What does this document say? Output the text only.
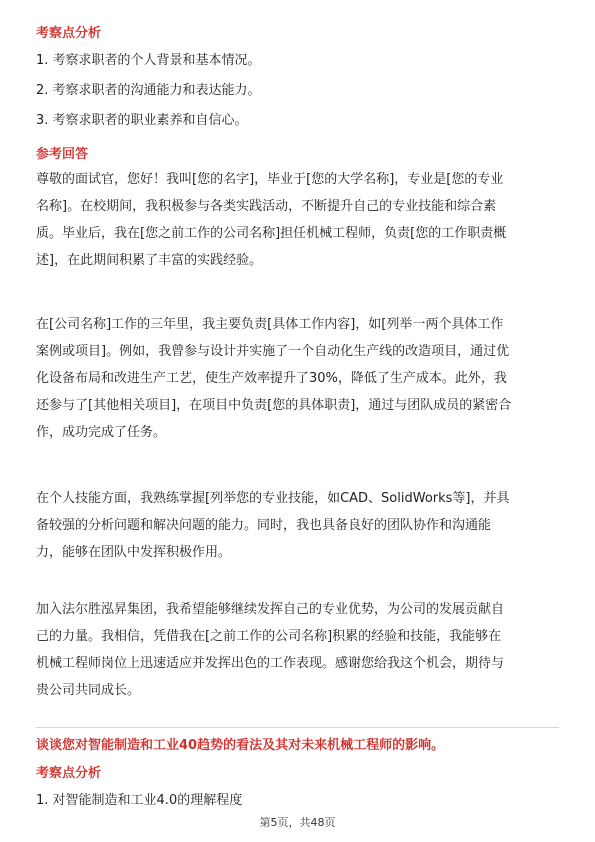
考察点分析
1. 考察求职者的个人背景和基本情况。
2. 考察求职者的沟通能力和表达能力。
3. 考察求职者的职业素养和自信心。
参考回答
尊敬的面试官，您好！我叫[您的名字]，毕业于[您的大学名称]，专业是[您的专业
名称]。在校期间，我积极参与各类实践活动，不断提升自己的专业技能和综合素
质。毕业后，我在[您之前工作的公司名称]担任机械工程师，负责[您的工作职责概
述]，在此期间积累了丰富的实践经验。
在[公司名称]工作的三年里，我主要负责[具体工作内容]，如[列举一两个具体工作
案例或项目]。例如，我曾参与设计并实施了一个自动化生产线的改造项目，通过优
化设备布局和改进生产工艺，使生产效率提升了30%，降低了生产成本。此外，我
还参与了[其他相关项目]，在项目中负责[您的具体职责]，通过与团队成员的紧密合
作，成功完成了任务。
在个人技能方面，我熟练掌握[列举您的专业技能，如CAD、SolidWorks等]，并具
备较强的分析问题和解决问题的能力。同时，我也具备良好的团队协作和沟通能
力，能够在团队中发挥积极作用。
加入法尔胜泓昇集团，我希望能够继续发挥自己的专业优势，为公司的发展贡献自
己的力量。我相信，凭借我在[之前工作的公司名称]积累的经验和技能，我能够在
机械工程师岗位上迅速适应并发挥出色的工作表现。感谢您给我这个机会，期待与
贵公司共同成长。
谈谈您对智能制造和工业40趋势的看法及其对未来机械工程师的影响。
考察点分析
1. 对智能制造和工业4.0的理解程度
第5页，共48页
